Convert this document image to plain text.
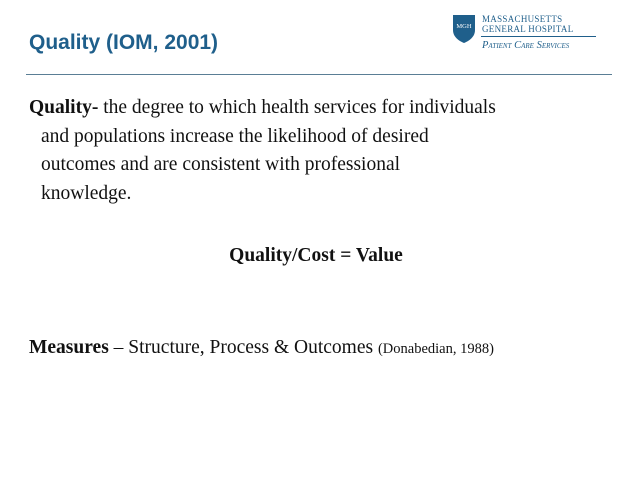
Quality (IOM, 2001)
MGH
MASSACHUSETTS
GENERAL HOSPITAL
Patient Care Services
Quality- the degree to which health services for individuals
and populations increase the likelihood of desired
outcomes and are consistent with professional
knowledge.
Quality/Cost = Value
Measures – Structure, Process & Outcomes (Donabedian, 1988)
